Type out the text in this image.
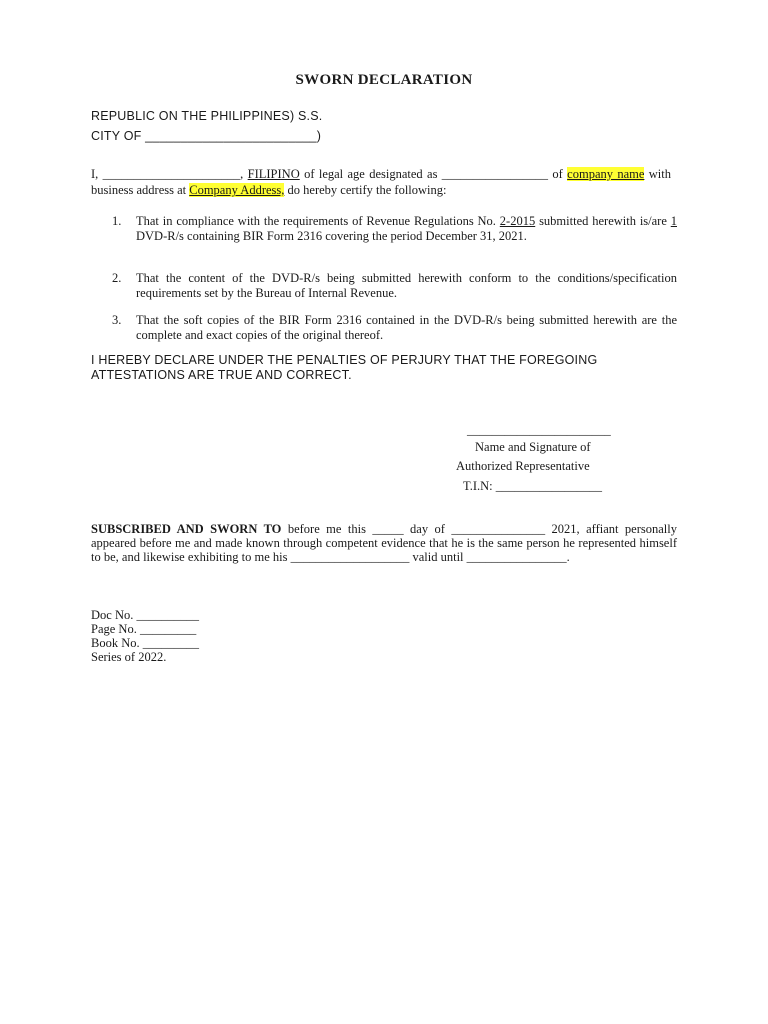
SWORN DECLARATION
REPUBLIC ON THE PHILIPPINES) S.S.
CITY OF ________________________)

I, ______________________, FILIPINO of legal age designated as _________________ of company name with business address at Company Address, do hereby certify the following:

1.	That in compliance with the requirements of Revenue Regulations No. 2-2015 submitted herewith is/are 1 DVD-R/s containing BIR Form 2316 covering the period December 31, 2021.
2.	That the content of the DVD-R/s being submitted herewith conform to the conditions/specification requirements set by the Bureau of Internal Revenue.
3.	That the soft copies of the BIR Form 2316 contained in the DVD-R/s being submitted herewith are the complete and exact copies of the original thereof.
I HEREBY DECLARE UNDER THE PENALTIES OF PERJURY THAT THE FOREGOING ATTESTATIONS ARE TRUE AND CORRECT.
_______________________
Name and Signature of
Authorized Representative
T.I.N: _________________

SUBSCRIBED AND SWORN TO before me this _____ day of _______________ 2021, affiant personally appeared before me and made known through competent evidence that he is the same person he represented himself to be, and likewise exhibiting to me his ___________________ valid until ________________.

Doc No. __________
Page No. _________
Book No. _________
Series of 2022.
